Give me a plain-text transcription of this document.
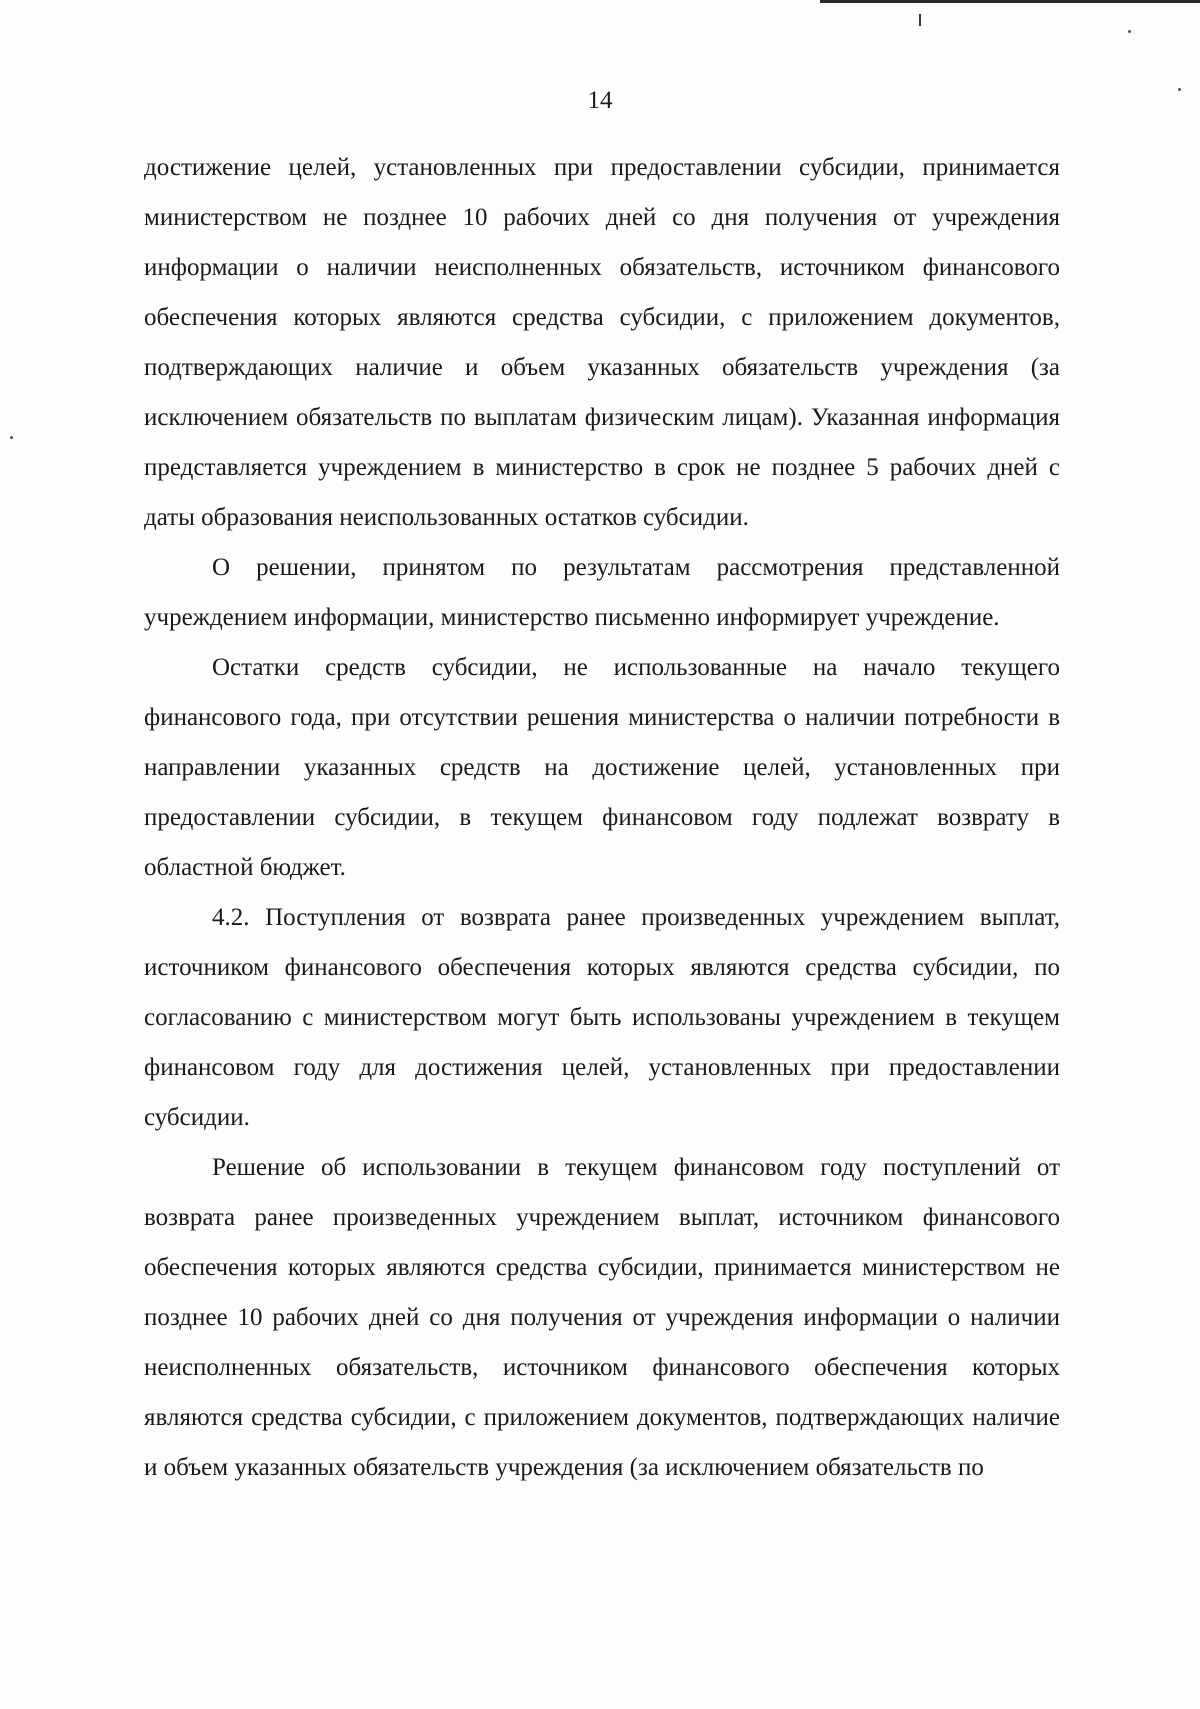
14

достижение целей, установленных при предоставлении субсидии, принимается министерством не позднее 10 рабочих дней со дня получения от учреждения информации о наличии неисполненных обязательств, источником финансового обеспечения которых являются средства субсидии, с приложением документов, подтверждающих наличие и объем указанных обязательств учреждения (за исключением обязательств по выплатам физическим лицам). Указанная информация представляется учреждением в министерство в срок не позднее 5 рабочих дней с даты образования неиспользованных остатков субсидии.

О решении, принятом по результатам рассмотрения представленной учреждением информации, министерство письменно информирует учреждение.

Остатки средств субсидии, не использованные на начало текущего финансового года, при отсутствии решения министерства о наличии потребности в направлении указанных средств на достижение целей, установленных при предоставлении субсидии, в текущем финансовом году подлежат возврату в областной бюджет.

4.2. Поступления от возврата ранее произведенных учреждением выплат, источником финансового обеспечения которых являются средства субсидии, по согласованию с министерством могут быть использованы учреждением в текущем финансовом году для достижения целей, установленных при предоставлении субсидии.

Решение об использовании в текущем финансовом году поступлений от возврата ранее произведенных учреждением выплат, источником финансового обеспечения которых являются средства субсидии, принимается министерством не позднее 10 рабочих дней со дня получения от учреждения информации о наличии неисполненных обязательств, источником финансового обеспечения которых являются средства субсидии, с приложением документов, подтверждающих наличие и объем указанных обязательств учреждения (за исключением обязательств по
